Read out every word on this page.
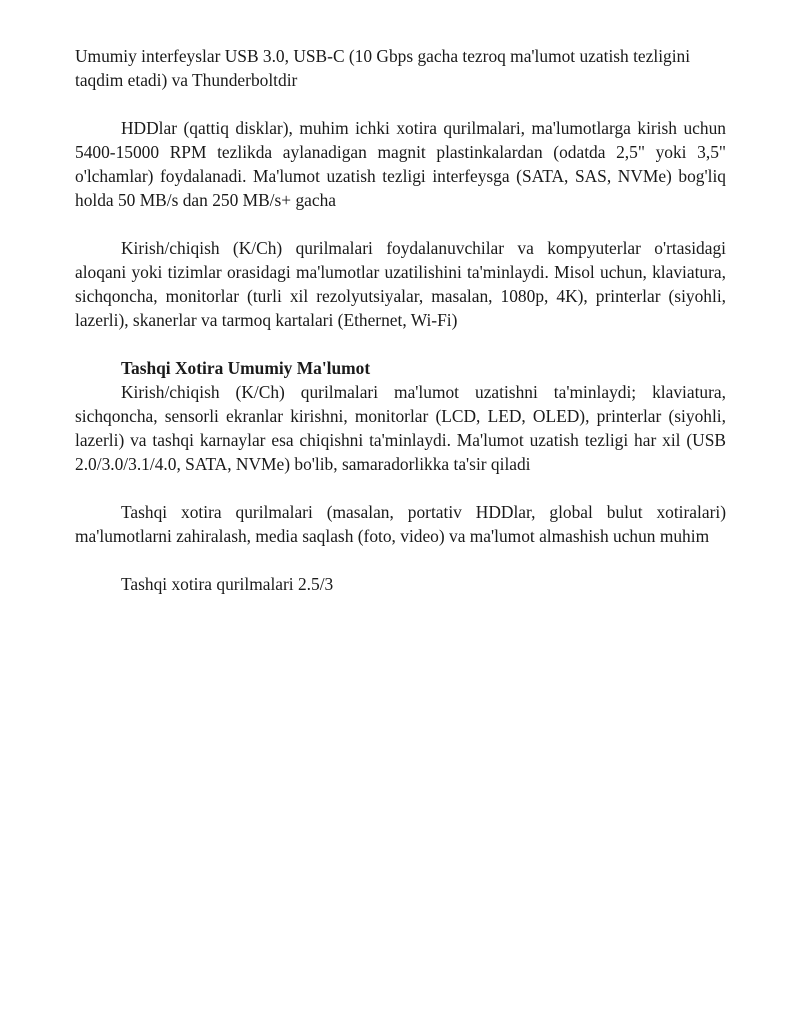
Umumiy interfeyslar USB 3.0, USB-C (10 Gbps gacha tezroq ma'lumot uzatish tezligini taqdim etadi) va Thunderboltdir

HDDlar (qattiq disklar), muhim ichki xotira qurilmalari, ma'lumotlarga kirish uchun 5400-15000 RPM tezlikda aylanadigan magnit plastinkalardan (odatda 2,5" yoki 3,5" o'lchamlar) foydalanadi. Ma'lumot uzatish tezligi interfeysga (SATA, SAS, NVMe) bog'liq holda 50 MB/s dan 250 MB/s+ gacha

Kirish/chiqish (K/Ch) qurilmalari foydalanuvchilar va kompyuterlar o'rtasidagi aloqani yoki tizimlar orasidagi ma'lumotlar uzatilishini ta'minlaydi. Misol uchun, klaviatura, sichqoncha, monitorlar (turli xil rezolyutsiyalar, masalan, 1080p, 4K), printerlar (siyohli, lazerli), skanerlar va tarmoq kartalari (Ethernet, Wi-Fi)

Tashqi Xotira Umumiy Ma'lumot

Kirish/chiqish (K/Ch) qurilmalari ma'lumot uzatishni ta'minlaydi; klaviatura, sichqoncha, sensorli ekranlar kirishni, monitorlar (LCD, LED, OLED), printerlar (siyohli, lazerli) va tashqi karnaylar esa chiqishni ta'minlaydi. Ma'lumot uzatish tezligi har xil (USB 2.0/3.0/3.1/4.0, SATA, NVMe) bo'lib, samaradorlikka ta'sir qiladi

Tashqi xotira qurilmalari (masalan, portativ HDDlar, global bulut xotiralari) ma'lumotlarni zahiralash, media saqlash (foto, video) va ma'lumot almashish uchun muhim

Tashqi xotira qurilmalari 2.5/3
